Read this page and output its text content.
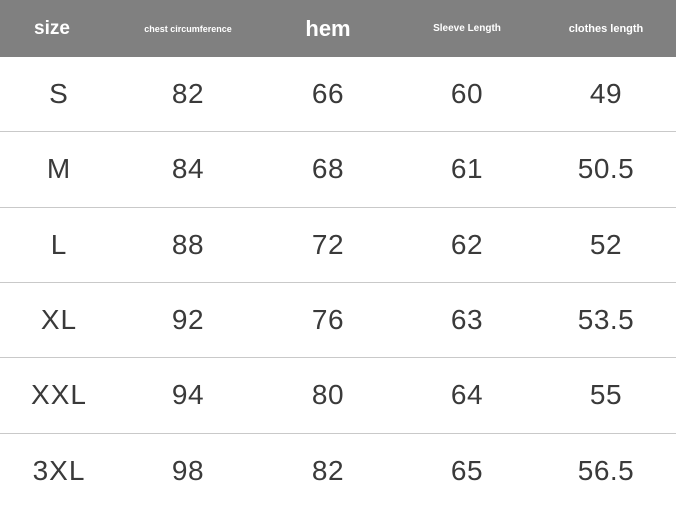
size	chest circumference	hem	Sleeve Length	clothes length
S	82	66	60	49
M	84	68	61	50.5
L	88	72	62	52
XL	92	76	63	53.5
XXL	94	80	64	55
3XL	98	82	65	56.5
